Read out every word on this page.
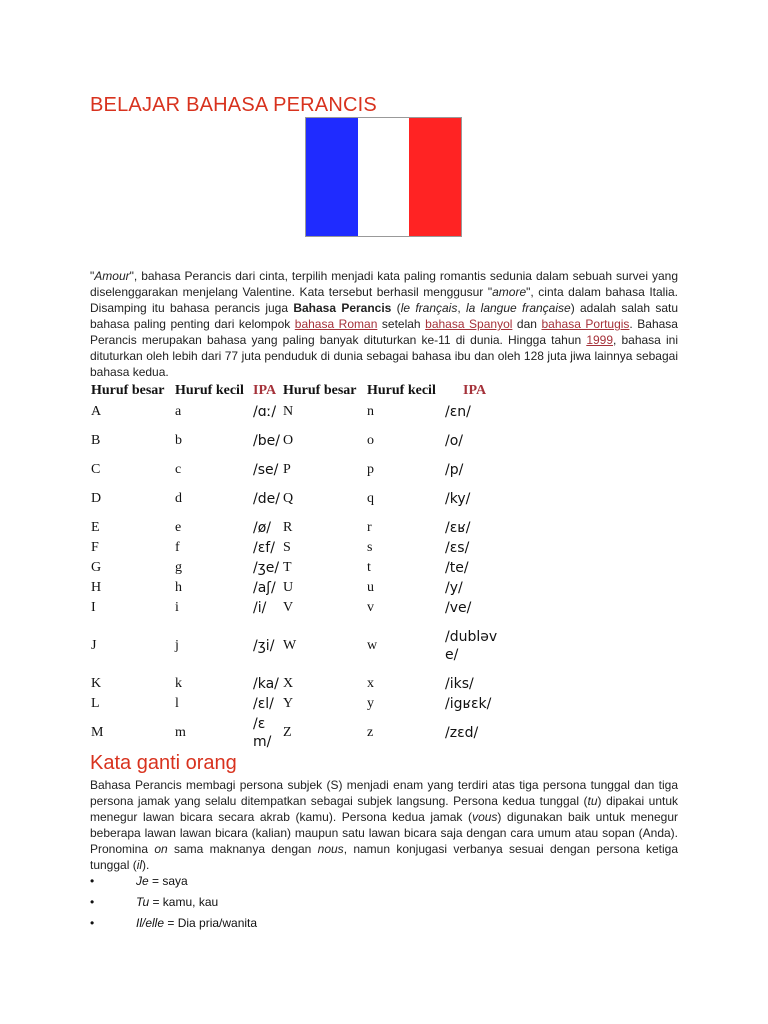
BELAJAR BAHASA PERANCIS

"Amour", bahasa Perancis dari cinta, terpilih menjadi kata paling romantis sedunia dalam sebuah survei yang diselenggarakan menjelang Valentine. Kata tersebut berhasil menggusur "amore", cinta dalam bahasa Italia. Disamping itu bahasa perancis juga Bahasa Perancis (le français, la langue française) adalah salah satu bahasa paling penting dari kelompok bahasa Roman setelah bahasa Spanyol dan bahasa Portugis. Bahasa Perancis merupakan bahasa yang paling banyak dituturkan ke-11 di dunia. Hingga tahun 1999, bahasa ini dituturkan oleh lebih dari 77 juta penduduk di dunia sebagai bahasa ibu dan oleh 128 juta jiwa lainnya sebagai bahasa kedua.

Huruf besar	Huruf kecil	IPA	Huruf besar	Huruf kecil	IPA
A	a	/ɑː/	N	n	/ɛn/
B	b	/be/	O	o	/o/
C	c	/se/	P	p	/p/
D	d	/de/	Q	q	/ky/
E	e	/ø/	R	r	/ɛʁ/
F	f	/ɛf/	S	s	/ɛs/
G	g	/ʒe/	T	t	/te/
H	h	/aʃ/	U	u	/y/
I	i	/i/	V	v	/ve/
J	j	/ʒi/	W	w	/dubləve/
K	k	/ka/	X	x	/iks/
L	l	/ɛl/	Y	y	/igʁɛk/
M	m	/ɛm/	Z	z	/zɛd/
Kata ganti orang

Bahasa Perancis membagi persona subjek (S) menjadi enam yang terdiri atas tiga persona tunggal dan tiga persona jamak yang selalu ditempatkan sebagai subjek langsung. Persona kedua tunggal (tu) dipakai untuk menegur lawan bicara secara akrab (kamu). Persona kedua jamak (vous) digunakan baik untuk menegur beberapa lawan lawan bicara (kalian) maupun satu lawan bicara saja dengan cara umum atau sopan (Anda). Pronomina on sama maknanya dengan nous, namun konjugasi verbanya sesuai dengan persona ketiga tunggal (il).

•	Je = saya
•	Tu = kamu, kau
•	Il/elle = Dia pria/wanita
